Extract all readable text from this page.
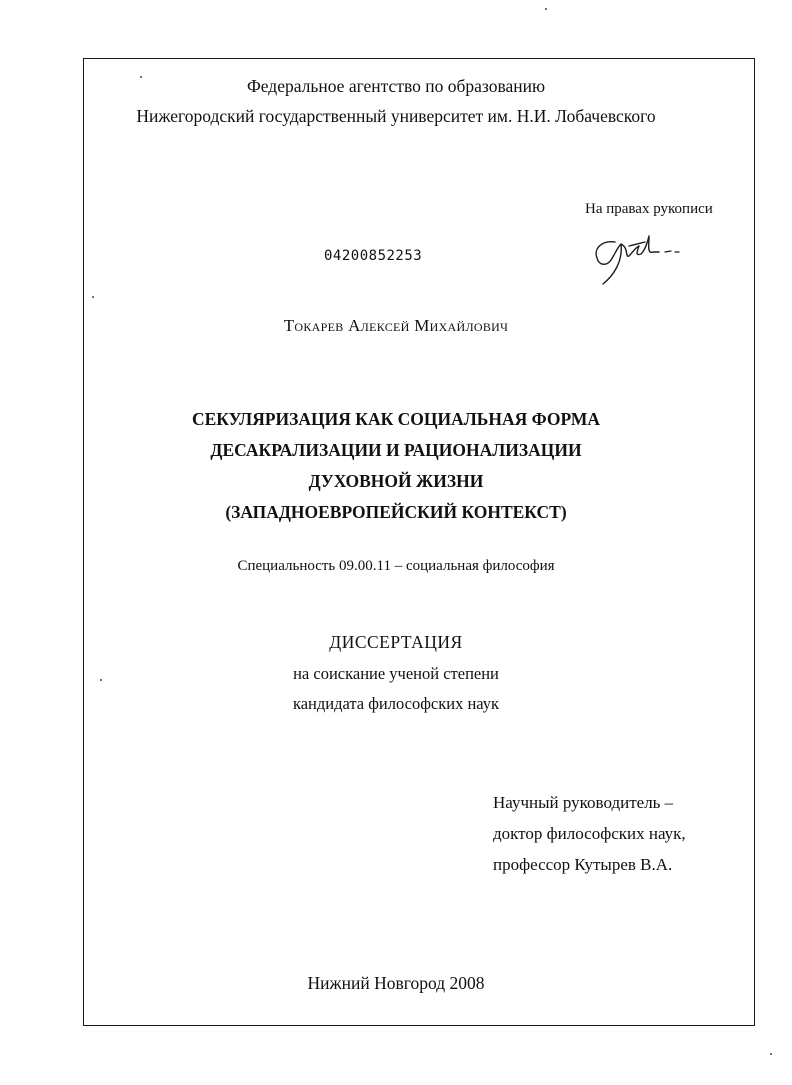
Федеральное агентство по образованию
Нижегородский государственный университет им. Н.И. Лобачевского
На правах рукописи
04200852253
Токарев Алексей Михайлович
СЕКУЛЯРИЗАЦИЯ КАК СОЦИАЛЬНАЯ ФОРМА
ДЕСАКРАЛИЗАЦИИ И РАЦИОНАЛИЗАЦИИ
ДУХОВНОЙ ЖИЗНИ
(ЗАПАДНОЕВРОПЕЙСКИЙ КОНТЕКСТ)
Специальность 09.00.11 – социальная философия
ДИССЕРТАЦИЯ
на соискание ученой степени
кандидата философских наук
Научный руководитель –
доктор философских наук,
профессор Кутырев В.А.
Нижний Новгород 2008
